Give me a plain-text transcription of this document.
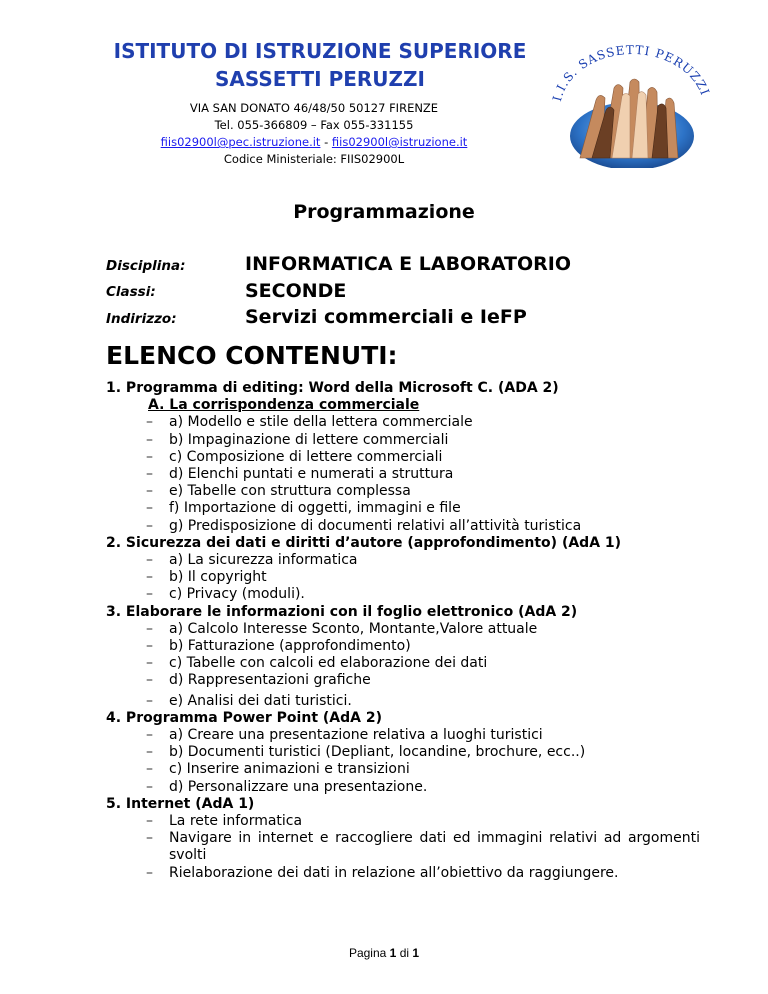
ISTITUTO DI ISTRUZIONE SUPERIORE
SASSETTI PERUZZI
VIA SAN DONATO 46/48/50 50127 FIRENZE
Tel. 055-366809 – Fax 055-331155
fiis02900l@pec.istruzione.it - fiis02900l@istruzione.it
Codice Ministeriale: FIIS02900L
I.I.S. SASSETTI PERUZZI
Programmazione
Disciplina:	INFORMATICA E LABORATORIO
Classi:	SECONDE
Indirizzo:	Servizi commerciali e IeFP
ELENCO CONTENUTI:
1. Programma di editing: Word della Microsoft C. (ADA 2)
A. La corrispondenza commerciale
– a) Modello e stile della lettera commerciale
– b) Impaginazione di lettere commerciali
– c) Composizione di lettere commerciali
– d) Elenchi puntati e numerati a struttura
– e) Tabelle con struttura complessa
– f) Importazione di oggetti, immagini e file
– g) Predisposizione di documenti relativi all’attività turistica
2. Sicurezza dei dati e diritti d’autore (approfondimento) (AdA 1)
– a) La sicurezza informatica
– b) Il copyright
– c) Privacy (moduli).
3. Elaborare le informazioni con il foglio elettronico (AdA 2)
– a) Calcolo Interesse Sconto, Montante,Valore attuale
– b) Fatturazione (approfondimento)
– c) Tabelle con calcoli ed elaborazione dei dati
– d) Rappresentazioni grafiche
– e) Analisi dei dati turistici.
4. Programma Power Point (AdA 2)
– a) Creare una presentazione relativa a luoghi turistici
– b) Documenti turistici (Depliant, locandine, brochure, ecc..)
– c) Inserire animazioni e transizioni
– d) Personalizzare una presentazione.
5. Internet (AdA 1)
– La rete informatica
– Navigare in internet e raccogliere dati ed immagini relativi ad argomenti svolti
– Rielaborazione dei dati in relazione all’obiettivo da raggiungere.
Pagina 1 di 1
